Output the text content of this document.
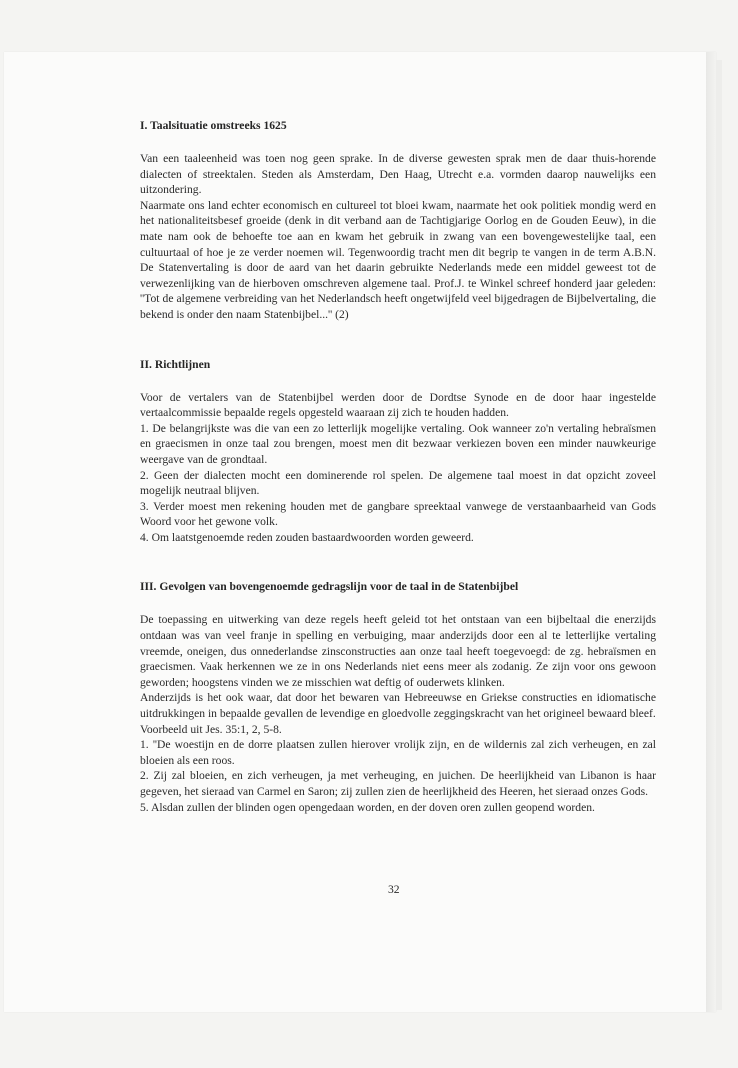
I. Taalsituatie omstreeks 1625

Van een taaleenheid was toen nog geen sprake. In de diverse gewesten sprak men de daar thuis-horende dialecten of streektalen. Steden als Amsterdam, Den Haag, Utrecht e.a. vormden daarop nauwelijks een uitzondering.

Naarmate ons land echter economisch en cultureel tot bloei kwam, naarmate het ook politiek mondig werd en het nationaliteitsbesef groeide (denk in dit verband aan de Tachtigjarige Oorlog en de Gouden Eeuw), in die mate nam ook de behoefte toe aan en kwam het gebruik in zwang van een bovengewestelijke taal, een cultuurtaal of hoe je ze verder noemen wil. Tegenwoordig tracht men dit begrip te vangen in de term A.B.N. De Statenvertaling is door de aard van het daarin gebruikte Nederlands mede een middel geweest tot de verwezenlijking van de hierboven omschreven algemene taal. Prof.J. te Winkel schreef honderd jaar geleden: ''Tot de algemene verbreiding van het Nederlandsch heeft ongetwijfeld veel bijgedragen de Bijbelvertaling, die bekend is onder den naam Statenbijbel...'' (2)

II. Richtlijnen

Voor de vertalers van de Statenbijbel werden door de Dordtse Synode en de door haar ingestelde vertaalcommissie bepaalde regels opgesteld waaraan zij zich te houden hadden.

1. De belangrijkste was die van een zo letterlijk mogelijke vertaling. Ook wanneer zo'n vertaling hebraïsmen en graecismen in onze taal zou brengen, moest men dit bezwaar verkiezen boven een minder nauwkeurige weergave van de grondtaal.

2. Geen der dialecten mocht een dominerende rol spelen. De algemene taal moest in dat opzicht zoveel mogelijk neutraal blijven.

3. Verder moest men rekening houden met de gangbare spreektaal vanwege de verstaanbaarheid van Gods Woord voor het gewone volk.

4. Om laatstgenoemde reden zouden bastaardwoorden worden geweerd.

III. Gevolgen van bovengenoemde gedragslijn voor de taal in de Statenbijbel

De toepassing en uitwerking van deze regels heeft geleid tot het ontstaan van een bijbeltaal die enerzijds ontdaan was van veel franje in spelling en verbuiging, maar anderzijds door een al te letterlijke vertaling vreemde, oneigen, dus onnederlandse zinsconstructies aan onze taal heeft toegevoegd: de zg. hebraïsmen en graecismen. Vaak herkennen we ze in ons Nederlands niet eens meer als zodanig. Ze zijn voor ons gewoon geworden; hoogstens vinden we ze misschien wat deftig of ouderwets klinken.

Anderzijds is het ook waar, dat door het bewaren van Hebreeuwse en Griekse constructies en idiomatische uitdrukkingen in bepaalde gevallen de levendige en gloedvolle zeggingskracht van het origineel bewaard bleef.

Voorbeeld uit Jes. 35:1, 2, 5-8.

1. ''De woestijn en de dorre plaatsen zullen hierover vrolijk zijn, en de wildernis zal zich verheugen, en zal bloeien als een roos.

2. Zij zal bloeien, en zich verheugen, ja met verheuging, en juichen. De heerlijkheid van Libanon is haar gegeven, het sieraad van Carmel en Saron; zij zullen zien de heerlijkheid des Heeren, het sieraad onzes Gods.

5. Alsdan zullen der blinden ogen opengedaan worden, en der doven oren zullen geopend worden.

32
